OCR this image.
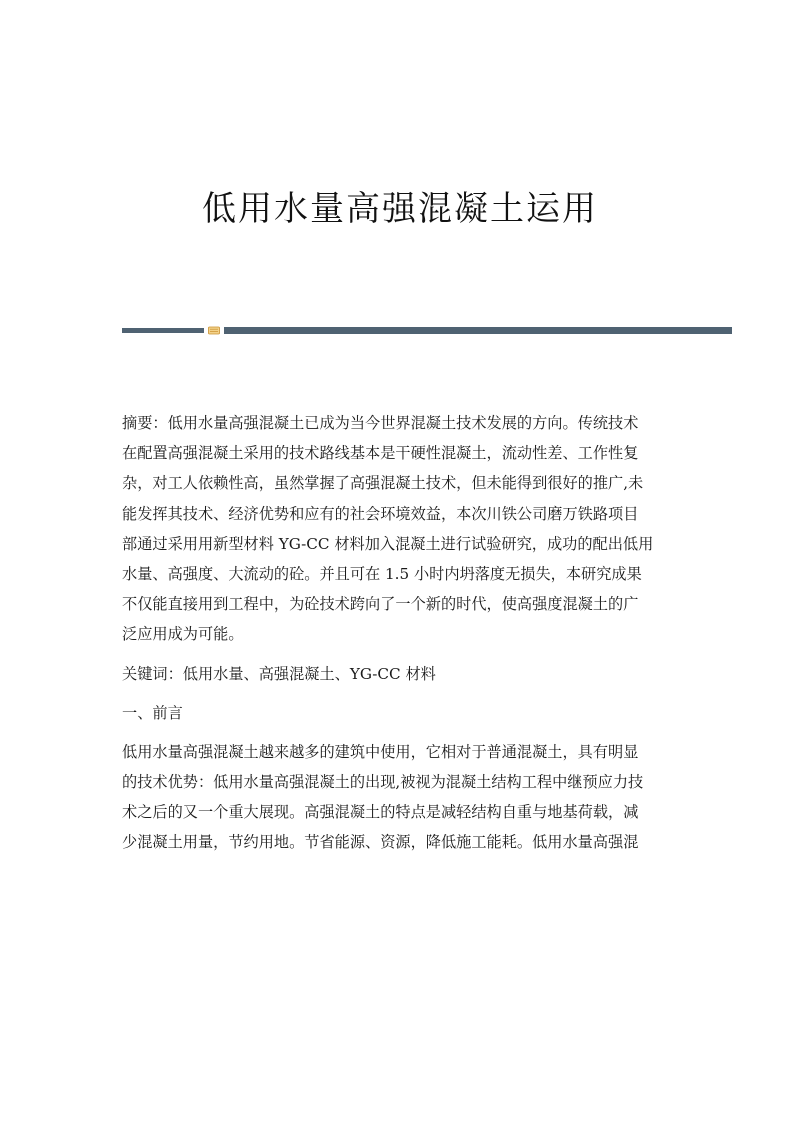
低用水量高强混凝土运用
摘要：低用水量高强混凝土已成为当今世界混凝土技术发展的方向。传统技术
在配置高强混凝土采用的技术路线基本是干硬性混凝土，流动性差、工作性复
杂，对工人依赖性高，虽然掌握了高强混凝土技术，但未能得到很好的推广,未
能发挥其技术、经济优势和应有的社会环境效益，本次川铁公司磨万铁路项目
部通过采用用新型材料 YG-CC 材料加入混凝土进行试验研究，成功的配出低用
水量、高强度、大流动的砼。并且可在 1.5 小时内坍落度无损失，本研究成果
不仅能直接用到工程中，为砼技术跨向了一个新的时代，使高强度混凝土的广
泛应用成为可能。
关键词：低用水量、高强混凝土、YG-CC 材料
一、前言
低用水量高强混凝土越来越多的建筑中使用，它相对于普通混凝土，具有明显
的技术优势：低用水量高强混凝土的出现,被视为混凝土结构工程中继预应力技
术之后的又一个重大展现。高强混凝土的特点是减轻结构自重与地基荷载，减
少混凝土用量，节约用地。节省能源、资源，降低施工能耗。低用水量高强混
